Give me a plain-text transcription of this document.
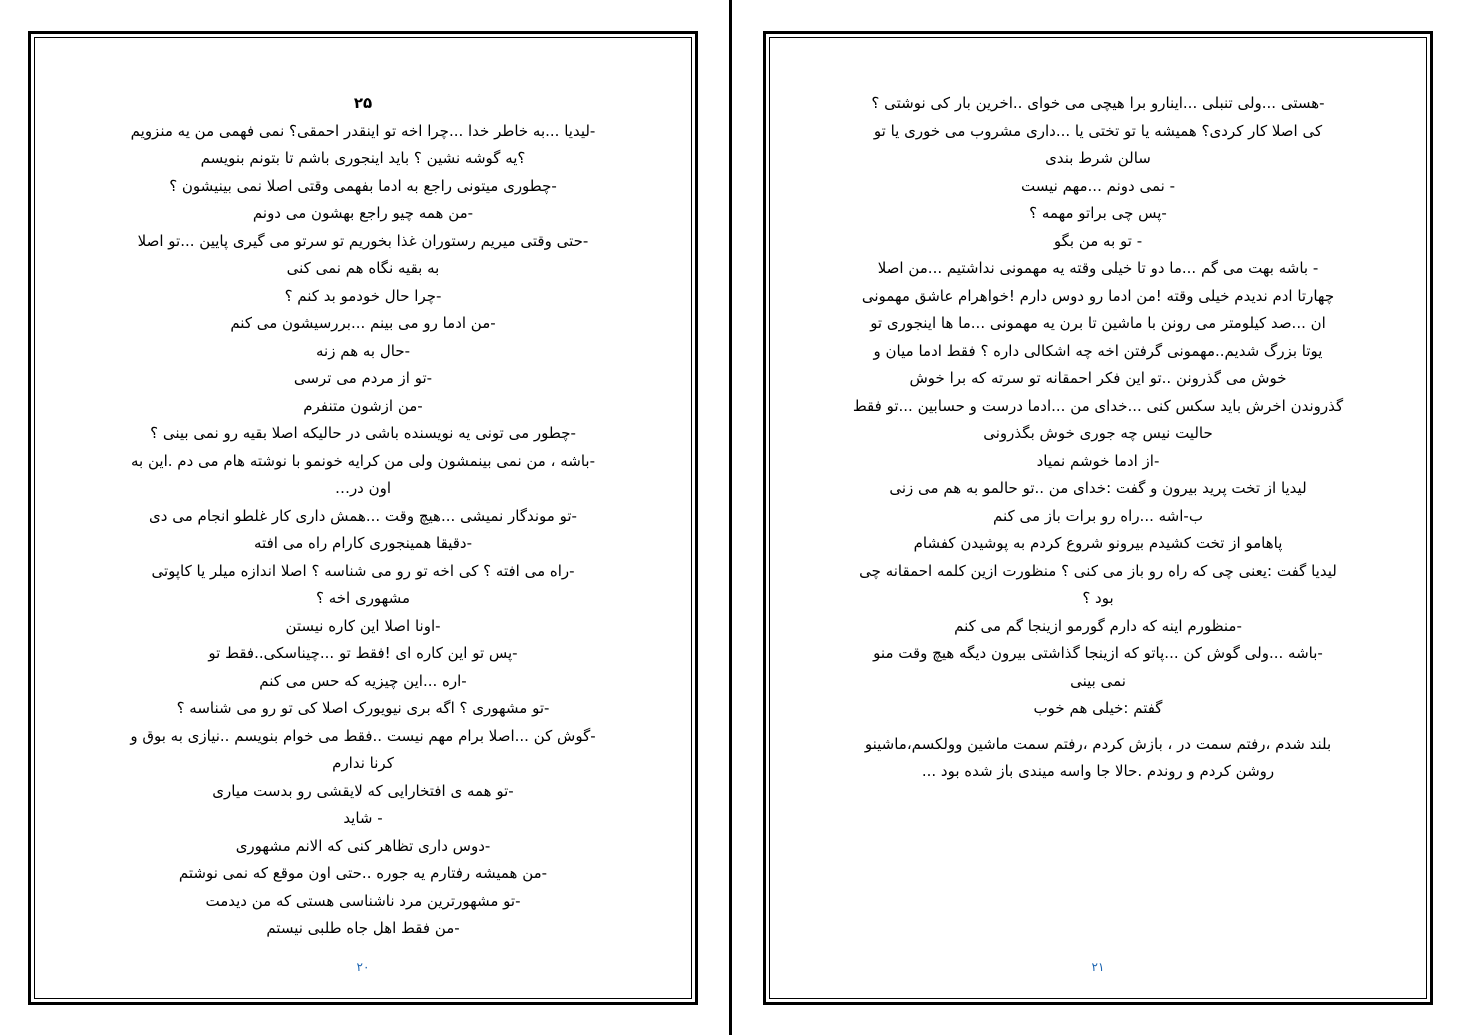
۲۵
-لیدیا ...به خاطر خدا ...چرا اخه تو اینقدر احمقی؟ نمی فهمی من یه منزویم
؟یه گوشه نشین ؟ باید اینجوری باشم تا بتونم بنویسم
-چطوری میتونی راجع به ادما بفهمی وقتی اصلا نمی بینیشون ؟
-من همه چیو راجع بهشون می دونم
-حتی وقتی میریم رستوران غذا بخوریم تو سرتو می گیری پایین ...تو اصلا
به بقیه نگاه هم نمی کنی
-چرا حال خودمو بد کنم ؟
-من ادما رو می بینم ...بررسیشون می کنم
-حال به هم زنه
-تو از مردم می ترسی
-من ازشون متنفرم
-چطور می تونی یه نویسنده باشی در حالیکه اصلا بقیه رو نمی بینی ؟
-باشه ، من نمی بینمشون ولی من کرایه خونمو با نوشته هام می دم .این به
اون در…
-تو موندگار نمیشی ...هیچ وقت ...همش داری کار غلطو انجام می دی
-دقیقا همینجوری کارام راه می افته
-راه می افته ؟ کی اخه تو رو می شناسه ؟ اصلا اندازه میلر یا کاپوتی
مشهوری اخه ؟
-اونا اصلا این کاره نیستن
-پس تو این کاره ای !فقط تو ...چیناسکی..فقط تو
-اره ...این چیزیه که حس می کنم
-تو مشهوری ؟ اگه بری نیویورک اصلا کی تو رو می شناسه ؟
-گوش کن ...اصلا برام مهم نیست ..فقط می خوام بنویسم ..نیازی به بوق و
کرنا ندارم
-تو همه ی افتخارایی که لایقشی رو بدست میاری
- شاید
-دوس داری تظاهر کنی که الانم مشهوری
-من همیشه رفتارم یه جوره ..حتی اون موقع که نمی نوشتم
-تو مشهورترین مرد ناشناسی هستی که من دیدمت
-من فقط اهل جاه طلبی نیستم
۲۰
-هستی ...ولی تنبلی ...اینارو برا هیچی می خوای ..اخرین بار کی نوشتی ؟
کی اصلا کار کردی؟ همیشه یا تو تختی یا ...داری مشروب می خوری یا تو
سالن شرط بندی
- نمی دونم ...مهم نیست
-پس چی براتو مهمه ؟
- تو به من بگو
- باشه بهت می گم ...ما دو تا خیلی وقته یه مهمونی نداشتیم ...من اصلا
چهارتا ادم ندیدم خیلی وقته !من ادما رو دوس دارم !خواهرام عاشق مهمونی
ان ...صد کیلومتر می رونن با ماشین تا برن یه مهمونی ...ما ها اینجوری تو
یوتا بزرگ شدیم..مهمونی گرفتن اخه چه اشکالی داره ؟ فقط ادما میان و
خوش می گذرونن ..تو این فکر احمقانه تو سرته که برا خوش
گذروندن اخرش باید سکس کنی ...خدای من ...ادما درست و حسابین ...تو فقط
حالیت نیس چه جوری خوش بگذرونی
-از ادما خوشم نمیاد
لیدیا از تخت پرید بیرون و گفت :خدای من ..تو حالمو به هم می زنی
ب-اشه ...راه رو برات باز می کنم
پاهامو از تخت کشیدم بیرونو شروع کردم به پوشیدن کفشام
لیدیا گفت :یعنی چی که راه رو باز می کنی ؟ منظورت ازین کلمه احمقانه چی
بود ؟
-منظورم اینه که دارم گورمو ازینجا گم می کنم
-باشه ...ولی گوش کن ...پاتو که ازینجا گذاشتی بیرون دیگه هیچ وقت منو
نمی بینی
گفتم :خیلی هم خوب
بلند شدم ،رفتم سمت در ، بازش کردم ،رفتم سمت ماشین وولکسم،ماشینو
روشن کردم و روندم .حالا جا واسه میندی باز شده بود ...
۲۱
